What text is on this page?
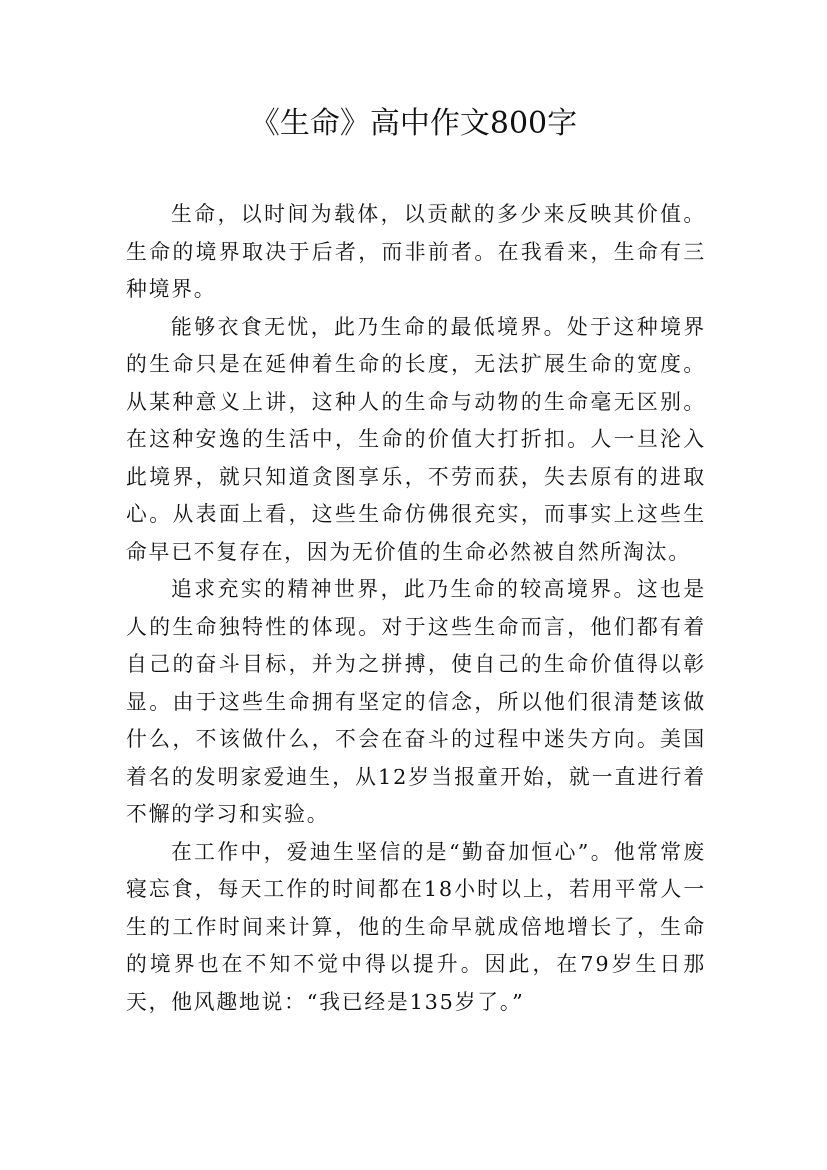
《生命》高中作文800字

生命，以时间为载体，以贡献的多少来反映其价值。生命的境界取决于后者，而非前者。在我看来，生命有三种境界。

能够衣食无忧，此乃生命的最低境界。处于这种境界的生命只是在延伸着生命的长度，无法扩展生命的宽度。从某种意义上讲，这种人的生命与动物的生命毫无区别。在这种安逸的生活中，生命的价值大打折扣。人一旦沦入此境界，就只知道贪图享乐，不劳而获，失去原有的进取心。从表面上看，这些生命仿佛很充实，而事实上这些生命早已不复存在，因为无价值的生命必然被自然所淘汰。

追求充实的精神世界，此乃生命的较高境界。这也是人的生命独特性的体现。对于这些生命而言，他们都有着自己的奋斗目标，并为之拼搏，使自己的生命价值得以彰显。由于这些生命拥有坚定的信念，所以他们很清楚该做什么，不该做什么，不会在奋斗的过程中迷失方向。美国着名的发明家爱迪生，从12岁当报童开始，就一直进行着不懈的学习和实验。

在工作中，爱迪生坚信的是“勤奋加恒心”。他常常废寝忘食，每天工作的时间都在18小时以上，若用平常人一生的工作时间来计算，他的生命早就成倍地增长了，生命的境界也在不知不觉中得以提升。因此，在79岁生日那天，他风趣地说：“我已经是135岁了。”
